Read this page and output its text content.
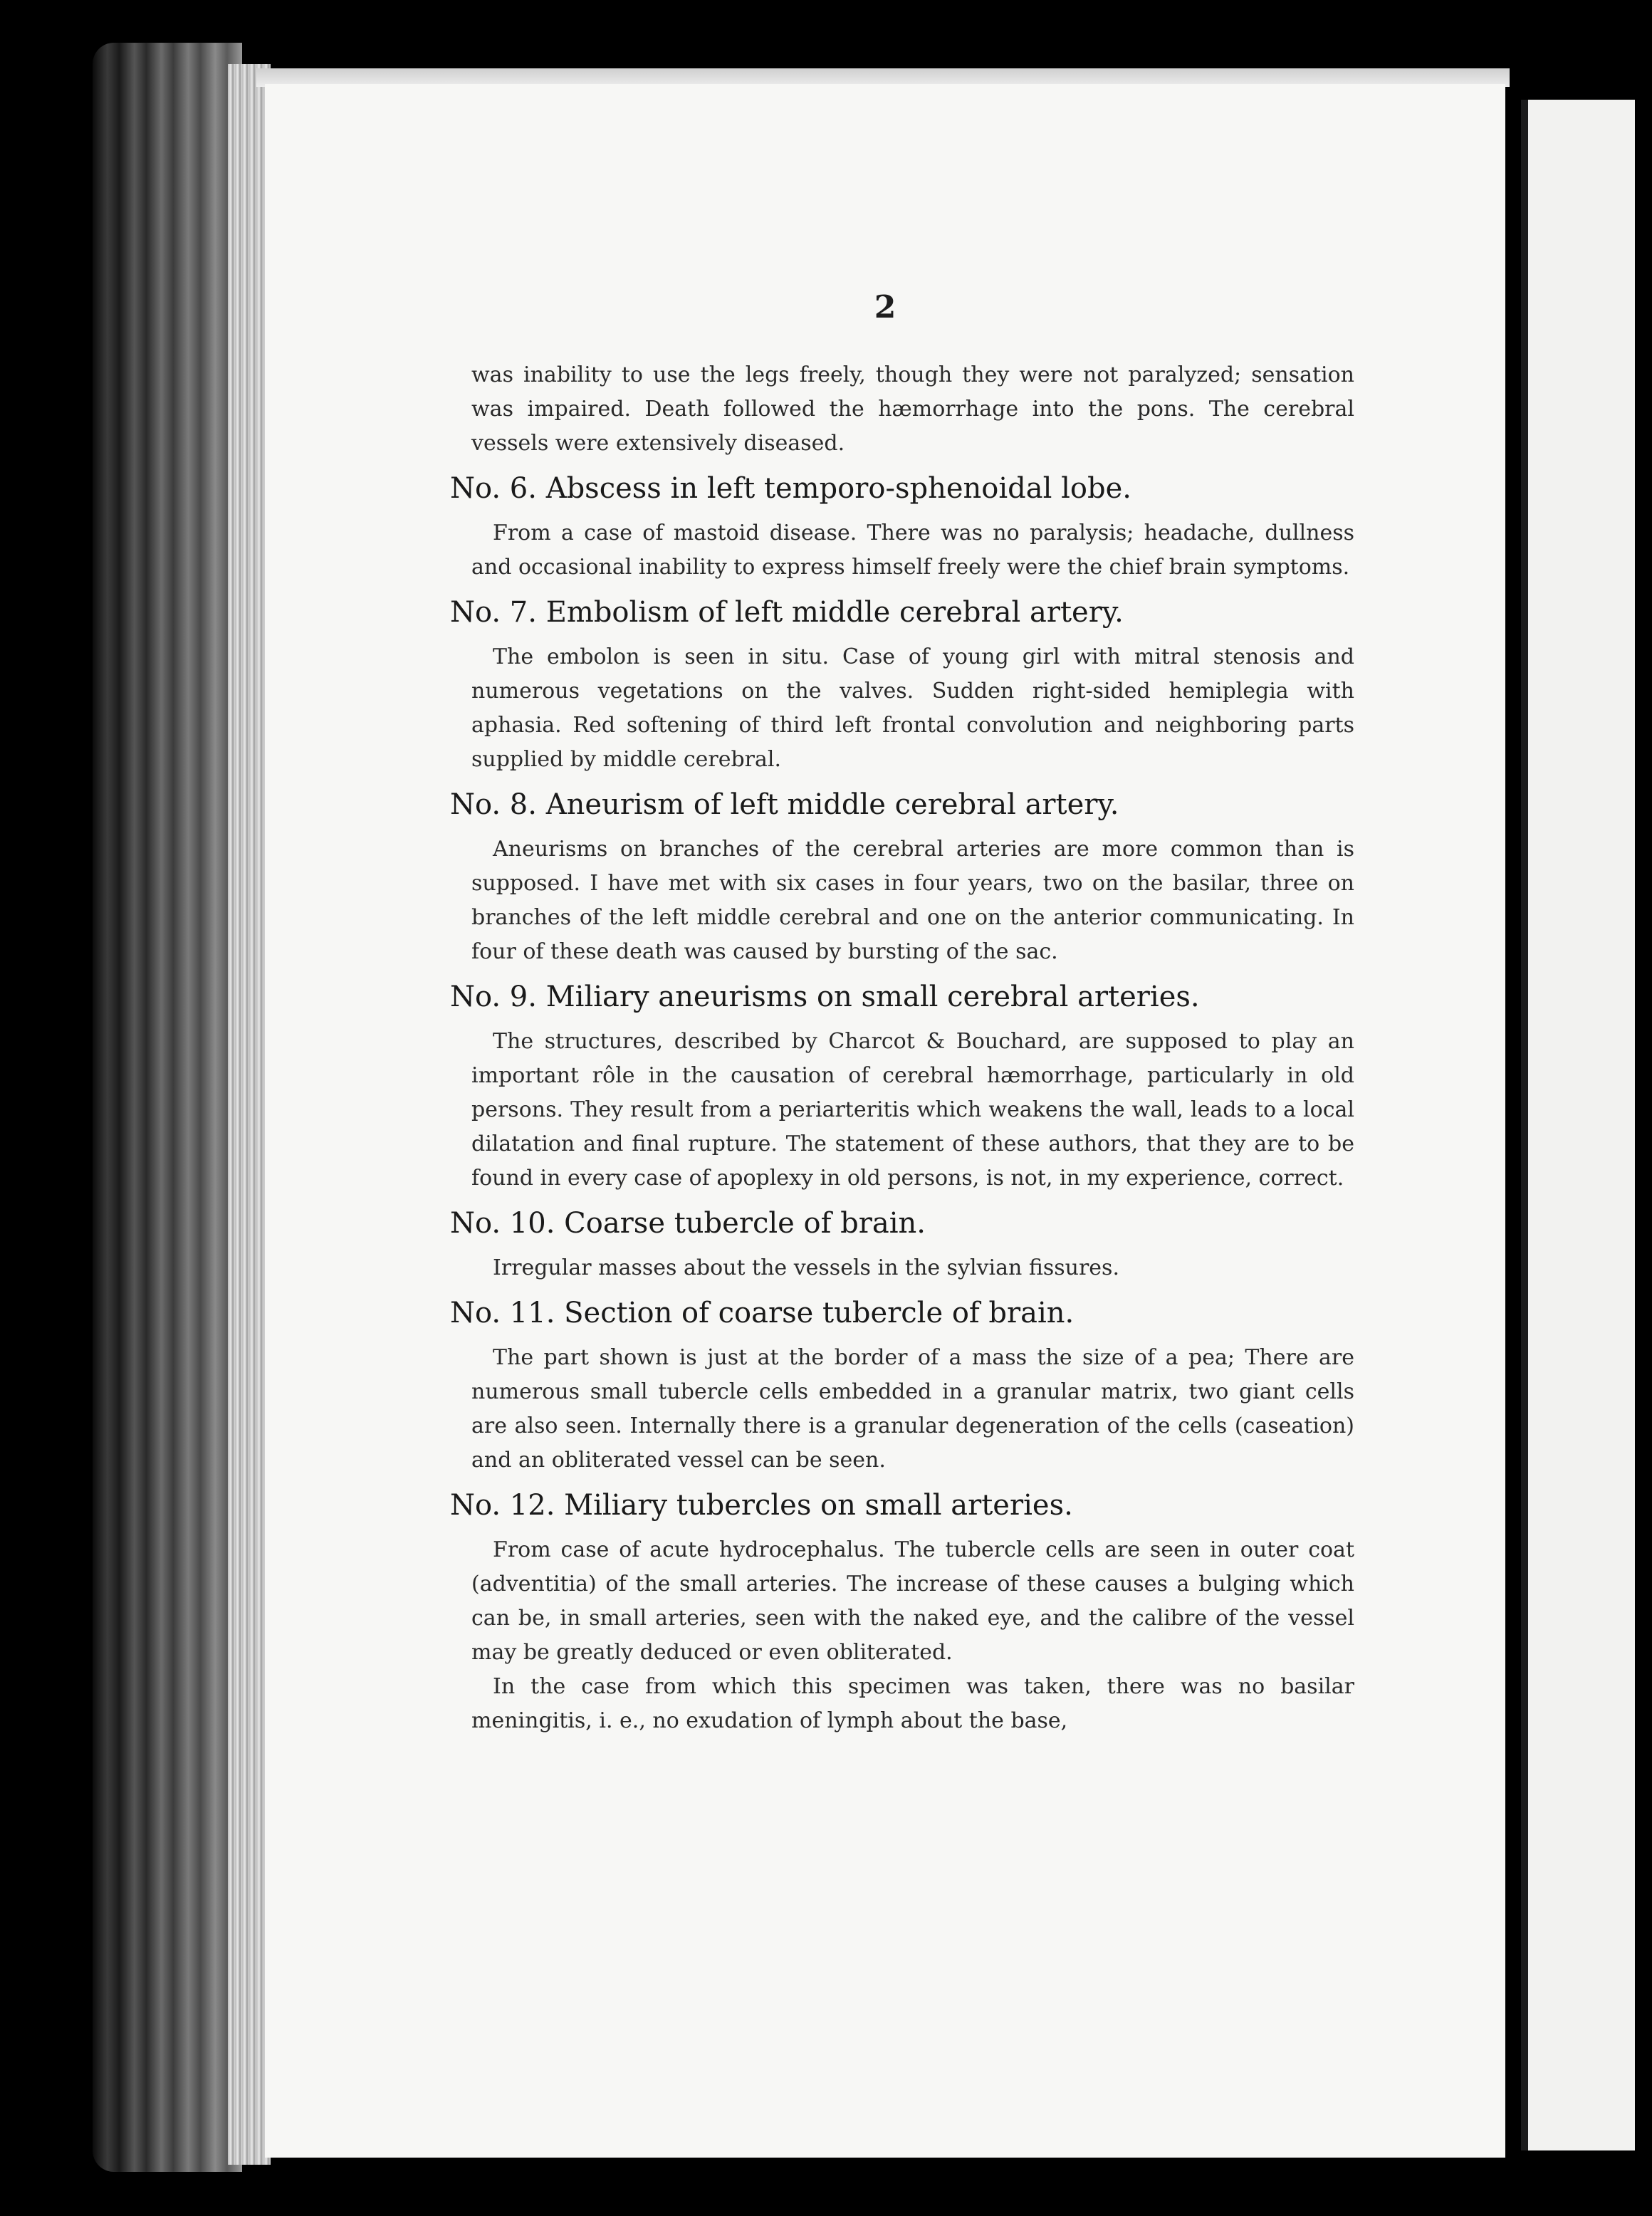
2

was inability to use the legs freely, though they were not paralyzed; sensation was impaired. Death followed the hæmorrhage into the pons. The cerebral vessels were extensively diseased.

No. 6. Abscess in left temporo-sphenoidal lobe.

From a case of mastoid disease. There was no paralysis; headache, dullness and occasional inability to express himself freely were the chief brain symptoms.

No. 7. Embolism of left middle cerebral artery.

The embolon is seen in situ. Case of young girl with mitral stenosis and numerous vegetations on the valves. Sudden right-sided hemiplegia with aphasia. Red softening of third left frontal convolution and neighboring parts supplied by middle cerebral.

No. 8. Aneurism of left middle cerebral artery.

Aneurisms on branches of the cerebral arteries are more common than is supposed. I have met with six cases in four years, two on the basilar, three on branches of the left middle cerebral and one on the anterior communicating. In four of these death was caused by bursting of the sac.

No. 9. Miliary aneurisms on small cerebral arteries.

The structures, described by Charcot & Bouchard, are supposed to play an important rôle in the causation of cerebral hæmorrhage, particularly in old persons. They result from a periarteritis which weakens the wall, leads to a local dilatation and final rupture. The statement of these authors, that they are to be found in every case of apoplexy in old persons, is not, in my experience, correct.

No. 10. Coarse tubercle of brain.

Irregular masses about the vessels in the sylvian fissures.

No. 11. Section of coarse tubercle of brain.

The part shown is just at the border of a mass the size of a pea; There are numerous small tubercle cells embedded in a granular matrix, two giant cells are also seen. Internally there is a granular degeneration of the cells (caseation) and an obliterated vessel can be seen.

No. 12. Miliary tubercles on small arteries.

From case of acute hydrocephalus. The tubercle cells are seen in outer coat (adventitia) of the small arteries. The increase of these causes a bulging which can be, in small arteries, seen with the naked eye, and the calibre of the vessel may be greatly deduced or even obliterated.

In the case from which this specimen was taken, there was no basilar meningitis, i. e., no exudation of lymph about the base,
